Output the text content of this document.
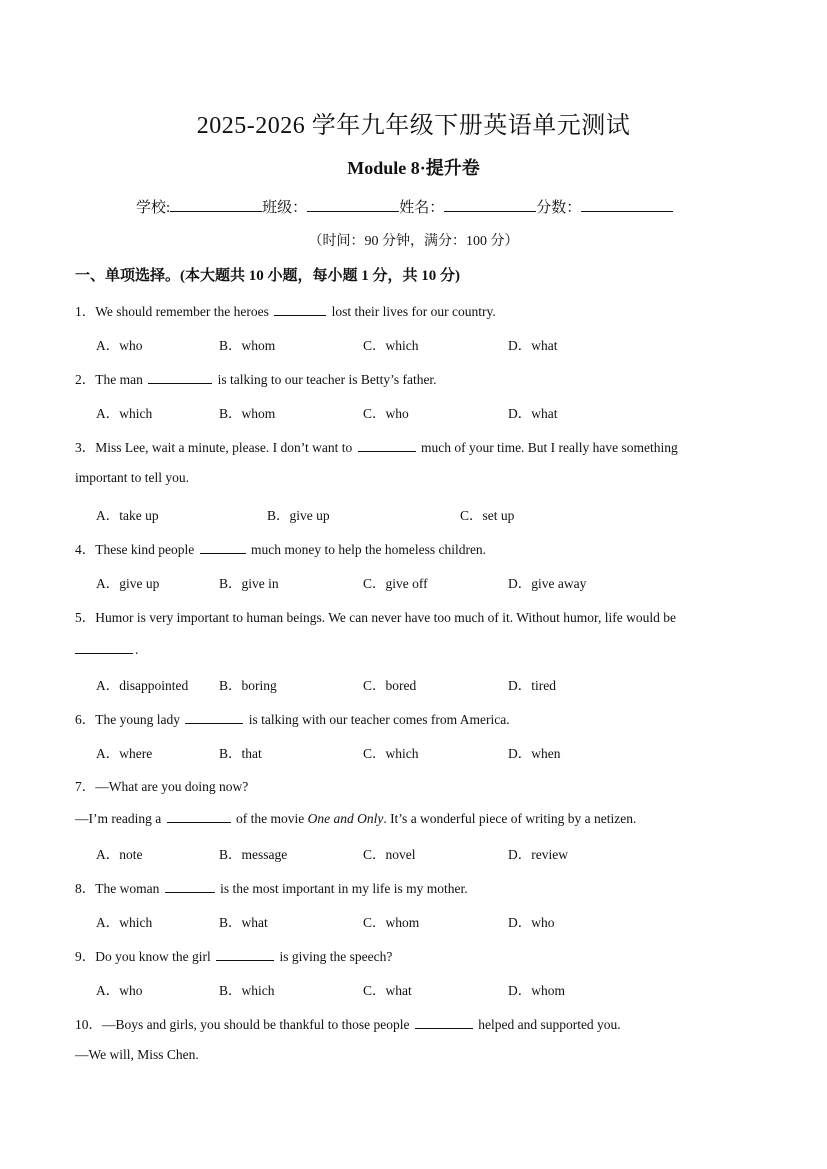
2025-2026 学年九年级下册英语单元测试
Module 8·提升卷
学校:	班级：	姓名：	分数：
（时间：90 分钟，满分：100 分）
一、单项选择。(本大题共 10 小题，每小题 1 分，共 10 分)
1．We should remember the heroes	lost their lives for our country.
A．who	B．whom	C．which	D．what
2．The man	is talking to our teacher is Betty’s father.
A．which	B．whom	C．who	D．what
3．Miss Lee, wait a minute, please. I don’t want to	much of your time. But I really have something
important to tell you.
A．take up	B．give up	C．set up
4．These kind people	much money to help the homeless children.
A．give up	B．give in	C．give off	D．give away
5．Humor is very important to human beings. We can never have too much of it. Without humor, life would be
.
A．disappointed B．boring	C．bored	D．tired
6．The young lady	is talking with our teacher comes from America.
A．where	B．that	C．which	D．when
7．—What are you doing now?
—I’m reading a	of the movie One and Only. It’s a wonderful piece of writing by a netizen.
A．note	B．message	C．novel	D．review
8．The woman	is the most important in my life is my mother.
A．which	B．what	C．whom	D．who
9．Do you know the girl	is giving the speech?
A．who	B．which	C．what	D．whom
10．—Boys and girls, you should be thankful to those people	helped and supported you.
—We will, Miss Chen.
